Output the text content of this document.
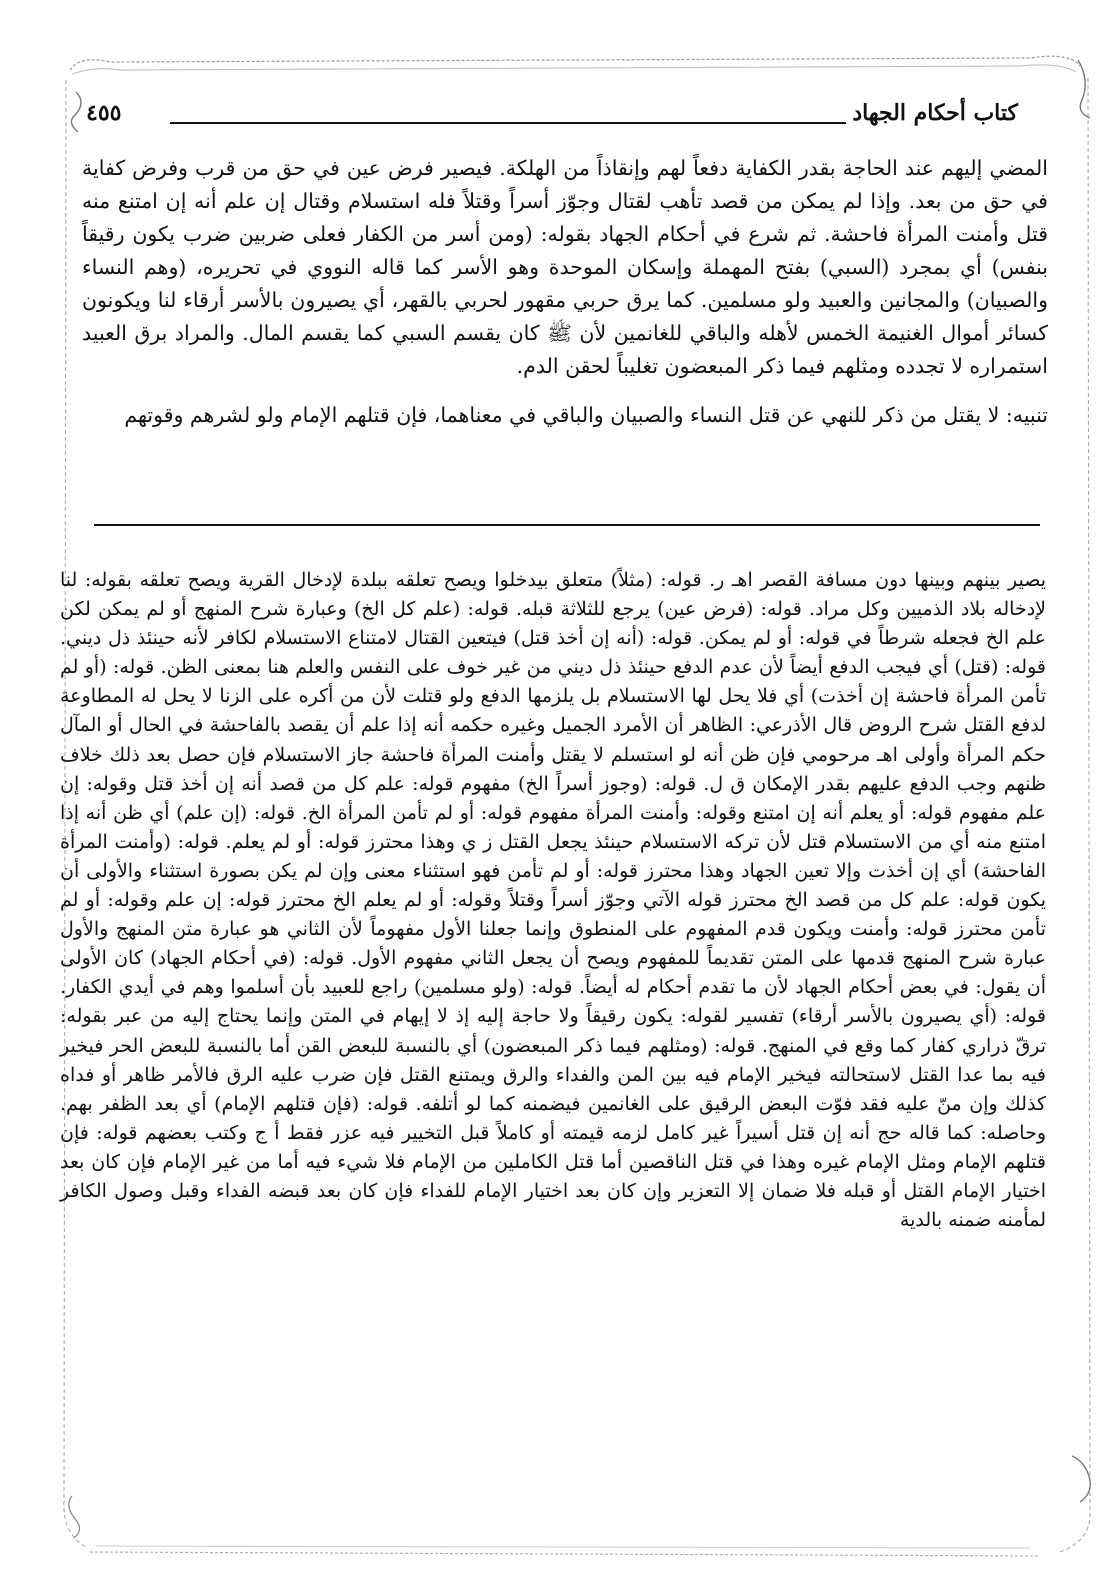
كتاب أحكام الجهاد
٤٥٥

المضي إليهم عند الحاجة بقدر الكفاية دفعاً لهم وإنقاذاً من الهلكة. فيصير فرض عين في حق من قرب وفرض كفاية في حق من بعد. وإذا لم يمكن من قصد تأهب لقتال وجوّز أسراً وقتلاً فله استسلام وقتال إن علم أنه إن امتنع منه قتل وأمنت المرأة فاحشة. ثم شرع في أحكام الجهاد بقوله: (ومن أسر من الكفار فعلى ضربين ضرب يكون رقيقاً بنفس) أي بمجرد (السبي) بفتح المهملة وإسكان الموحدة وهو الأسر كما قاله النووي في تحريره، (وهم النساء والصبيان) والمجانين والعبيد ولو مسلمين. كما يرق حربي مقهور لحربي بالقهر، أي يصيرون بالأسر أرقاء لنا ويكونون كسائر أموال الغنيمة الخمس لأهله والباقي للغانمين لأن ﷺ كان يقسم السبي كما يقسم المال. والمراد برق العبيد استمراره لا تجدده ومثلهم فيما ذكر المبعضون تغليباً لحقن الدم.

تنبيه: لا يقتل من ذكر للنهي عن قتل النساء والصبيان والباقي في معناهما، فإن قتلهم الإمام ولو لشرهم وقوتهم

يصير بينهم وبينها دون مسافة القصر اهـ ر. قوله: (مثلاً) متعلق بيدخلوا ويصح تعلقه ببلدة لإدخال القرية ويصح تعلقه بقوله: لنا لإدخاله بلاد الذميين وكل مراد. قوله: (فرض عين) يرجع للثلاثة قبله. قوله: (علم كل الخ) وعبارة شرح المنهج أو لم يمكن لكن علم الخ فجعله شرطاً في قوله: أو لم يمكن. قوله: (أنه إن أخذ قتل) فيتعين القتال لامتناع الاستسلام لكافر لأنه حينئذ ذل ديني. قوله: (قتل) أي فيجب الدفع أيضاً لأن عدم الدفع حينئذ ذل ديني من غير خوف على النفس والعلم هنا بمعنى الظن. قوله: (أو لم تأمن المرأة فاحشة إن أخذت) أي فلا يحل لها الاستسلام بل يلزمها الدفع ولو قتلت لأن من أكره على الزنا لا يحل له المطاوعة لدفع القتل شرح الروض قال الأذرعي: الظاهر أن الأمرد الجميل وغيره حكمه أنه إذا علم أن يقصد بالفاحشة في الحال أو المآل حكم المرأة وأولى اهـ مرحومي فإن ظن أنه لو استسلم لا يقتل وأمنت المرأة فاحشة جاز الاستسلام فإن حصل بعد ذلك خلاف ظنهم وجب الدفع عليهم بقدر الإمكان ق ل. قوله: (وجوز أسراً الخ) مفهوم قوله: علم كل من قصد أنه إن أخذ قتل وقوله: إن علم مفهوم قوله: أو يعلم أنه إن امتنع وقوله: وأمنت المرأة مفهوم قوله: أو لم تأمن المرأة الخ. قوله: (إن علم) أي ظن أنه إذا امتنع منه أي من الاستسلام قتل لأن تركه الاستسلام حينئذ يجعل القتل ز ي وهذا محترز قوله: أو لم يعلم. قوله: (وأمنت المرأة الفاحشة) أي إن أخذت وإلا تعين الجهاد وهذا محترز قوله: أو لم تأمن فهو استثناء معنى وإن لم يكن بصورة استثناء والأولى أن يكون قوله: علم كل من قصد الخ محترز قوله الآتي وجوّز أسراً وقتلاً وقوله: أو لم يعلم الخ محترز قوله: إن علم وقوله: أو لم تأمن محترز قوله: وأمنت ويكون قدم المفهوم على المنطوق وإنما جعلنا الأول مفهوماً لأن الثاني هو عبارة متن المنهج والأول عبارة شرح المنهج قدمها على المتن تقديماً للمفهوم ويصح أن يجعل الثاني مفهوم الأول. قوله: (في أحكام الجهاد) كان الأولى أن يقول: في بعض أحكام الجهاد لأن ما تقدم أحكام له أيضاً. قوله: (ولو مسلمين) راجع للعبيد بأن أسلموا وهم في أيدي الكفار. قوله: (أي يصيرون بالأسر أرقاء) تفسير لقوله: يكون رقيقاً ولا حاجة إليه إذ لا إيهام في المتن وإنما يحتاج إليه من عبر بقوله: ترقّ ذراري كفار كما وقع في المنهج. قوله: (ومثلهم فيما ذكر المبعضون) أي بالنسبة للبعض القن أما بالنسبة للبعض الحر فيخير فيه بما عدا القتل لاستحالته فيخير الإمام فيه بين المن والفداء والرق ويمتنع القتل فإن ضرب عليه الرق فالأمر ظاهر أو فداه كذلك وإن منّ عليه فقد فوّت البعض الرقيق على الغانمين فيضمنه كما لو أتلفه. قوله: (فإن قتلهم الإمام) أي بعد الظفر بهم. وحاصله: كما قاله حج أنه إن قتل أسيراً غير كامل لزمه قيمته أو كاملاً قبل التخيير فيه عزر فقط أ ج وكتب بعضهم قوله: فإن قتلهم الإمام ومثل الإمام غيره وهذا في قتل الناقصين أما قتل الكاملين من الإمام فلا شيء فيه أما من غير الإمام فإن كان بعد اختيار الإمام القتل أو قبله فلا ضمان إلا التعزير وإن كان بعد اختيار الإمام للفداء فإن كان بعد قبضه الفداء وقبل وصول الكافر لمأمنه ضمنه بالدية
